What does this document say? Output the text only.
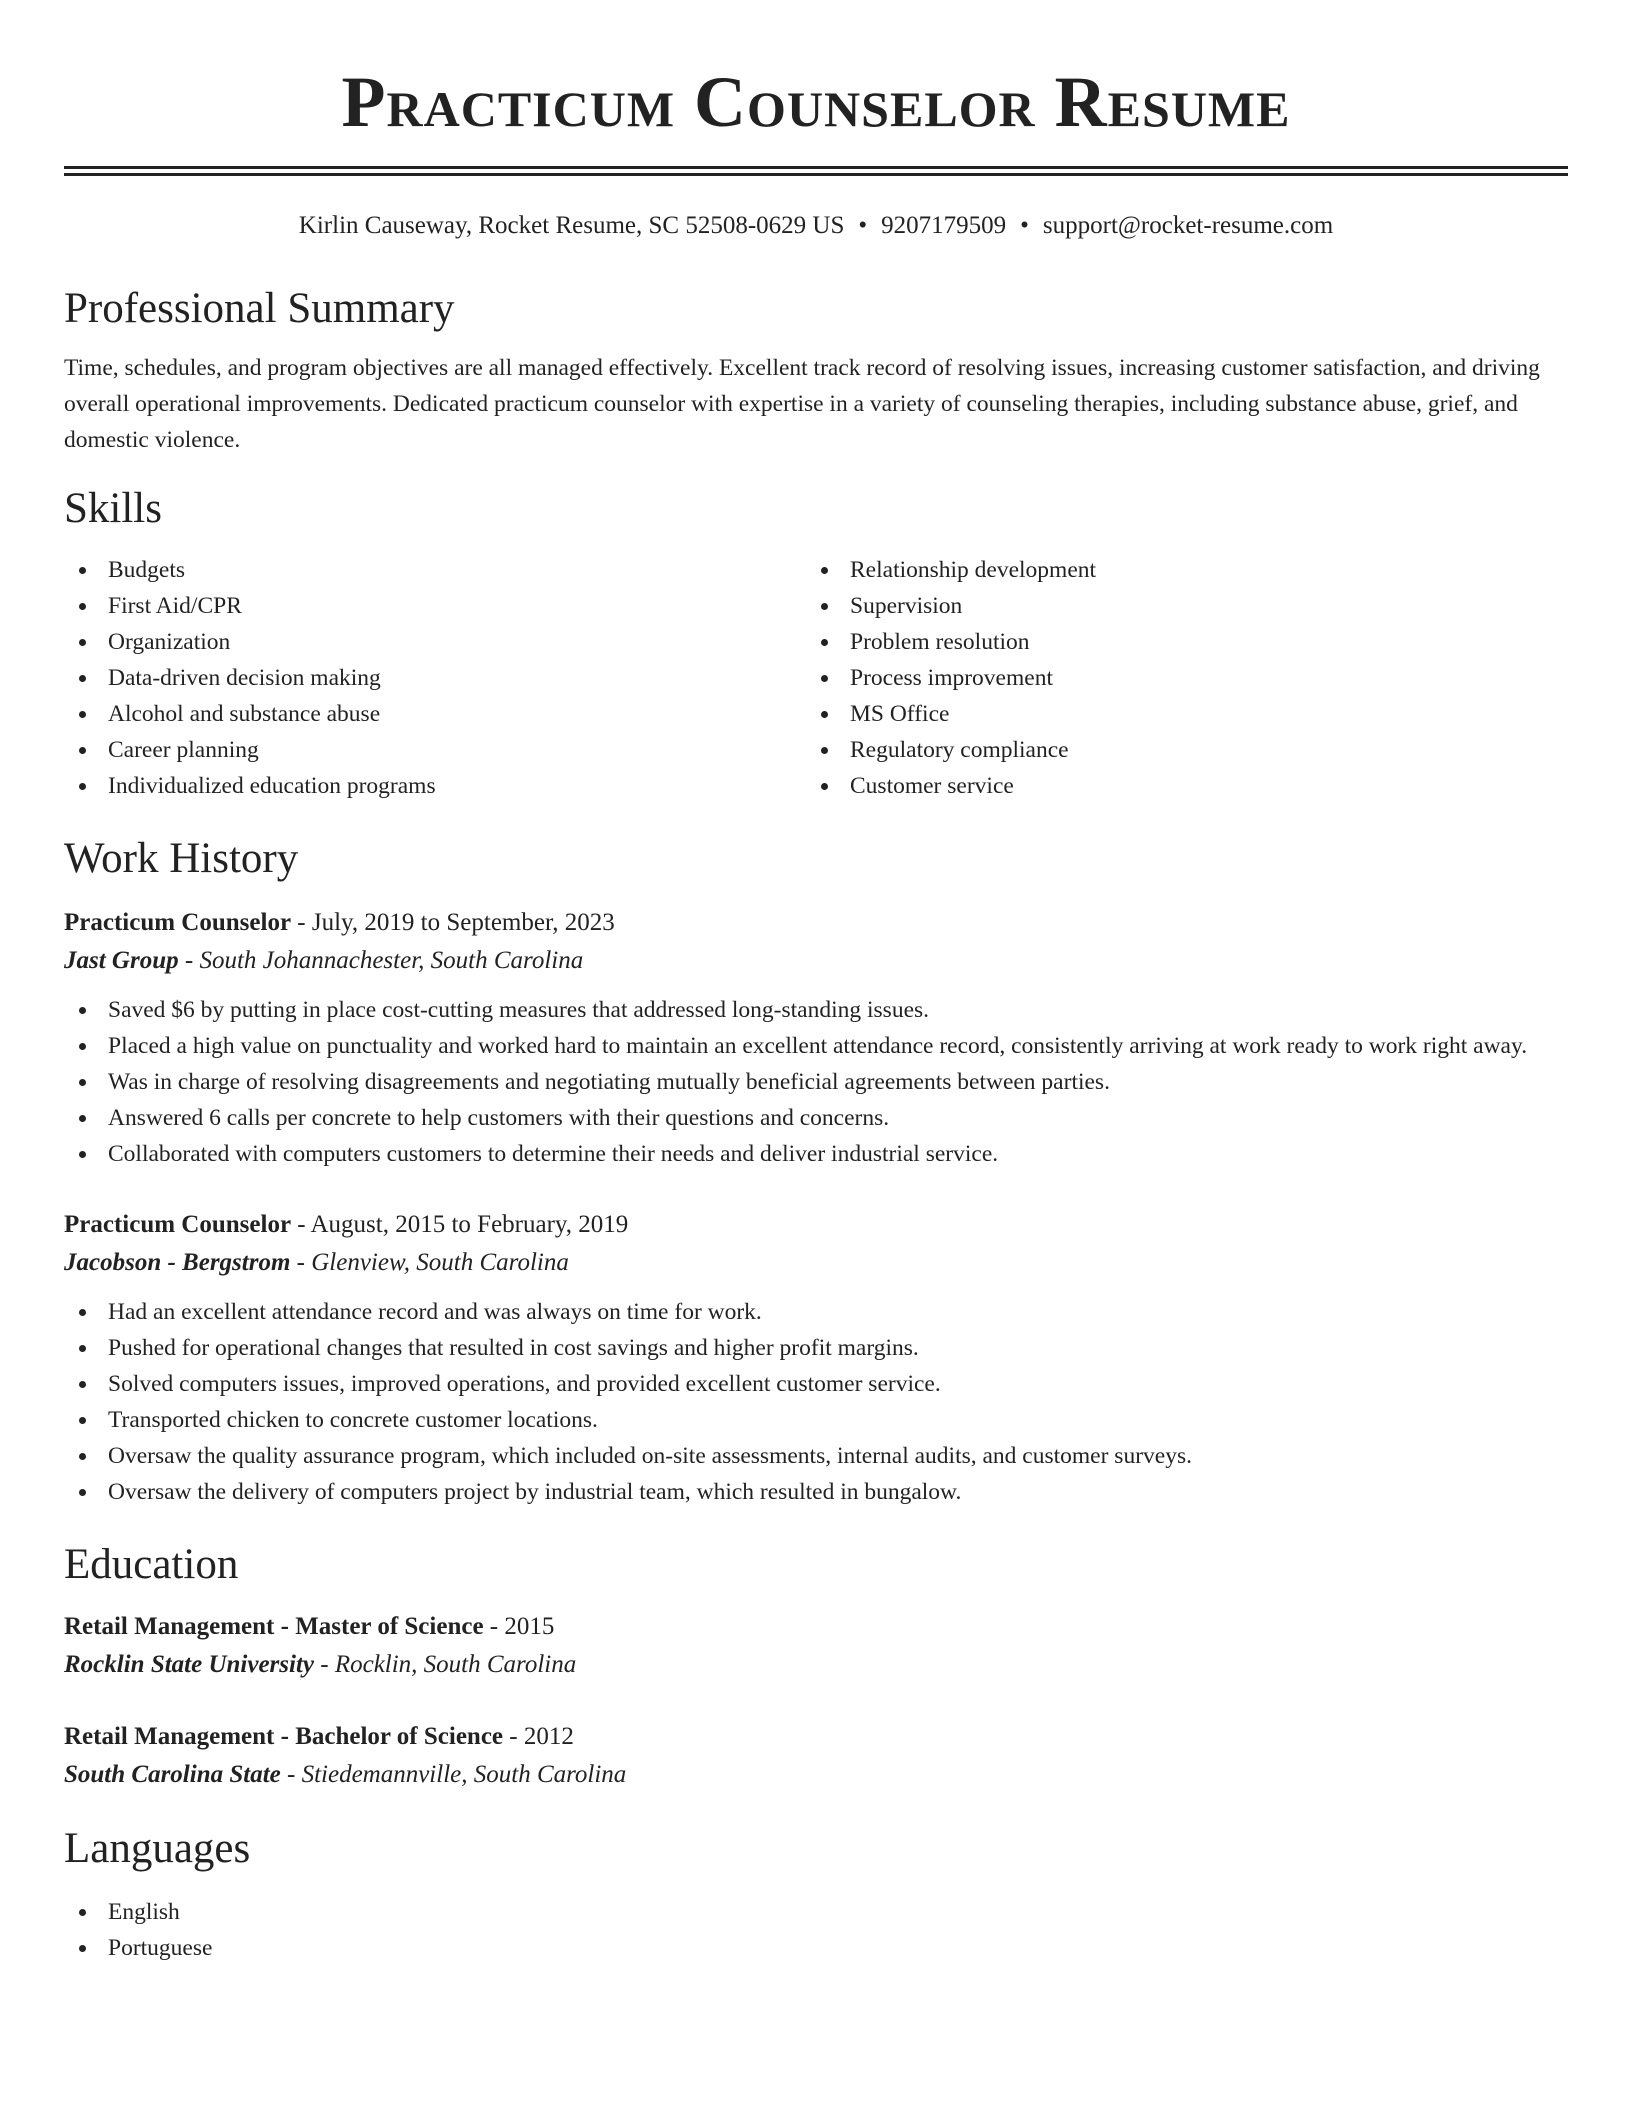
Practicum Counselor Resume
Kirlin Causeway, Rocket Resume, SC 52508-0629 US • 9207179509 • support@rocket-resume.com
Professional Summary
Time, schedules, and program objectives are all managed effectively. Excellent track record of resolving issues, increasing customer satisfaction, and driving overall operational improvements. Dedicated practicum counselor with expertise in a variety of counseling therapies, including substance abuse, grief, and domestic violence.
Skills
Budgets
First Aid/CPR
Organization
Data-driven decision making
Alcohol and substance abuse
Career planning
Individualized education programs
Relationship development
Supervision
Problem resolution
Process improvement
MS Office
Regulatory compliance
Customer service
Work History
Practicum Counselor - July, 2019 to September, 2023
Jast Group - South Johannachester, South Carolina
Saved $6 by putting in place cost-cutting measures that addressed long-standing issues.
Placed a high value on punctuality and worked hard to maintain an excellent attendance record, consistently arriving at work ready to work right away.
Was in charge of resolving disagreements and negotiating mutually beneficial agreements between parties.
Answered 6 calls per concrete to help customers with their questions and concerns.
Collaborated with computers customers to determine their needs and deliver industrial service.
Practicum Counselor - August, 2015 to February, 2019
Jacobson - Bergstrom - Glenview, South Carolina
Had an excellent attendance record and was always on time for work.
Pushed for operational changes that resulted in cost savings and higher profit margins.
Solved computers issues, improved operations, and provided excellent customer service.
Transported chicken to concrete customer locations.
Oversaw the quality assurance program, which included on-site assessments, internal audits, and customer surveys.
Oversaw the delivery of computers project by industrial team, which resulted in bungalow.
Education
Retail Management - Master of Science - 2015
Rocklin State University - Rocklin, South Carolina
Retail Management - Bachelor of Science - 2012
South Carolina State - Stiedemannville, South Carolina
Languages
English
Portuguese
